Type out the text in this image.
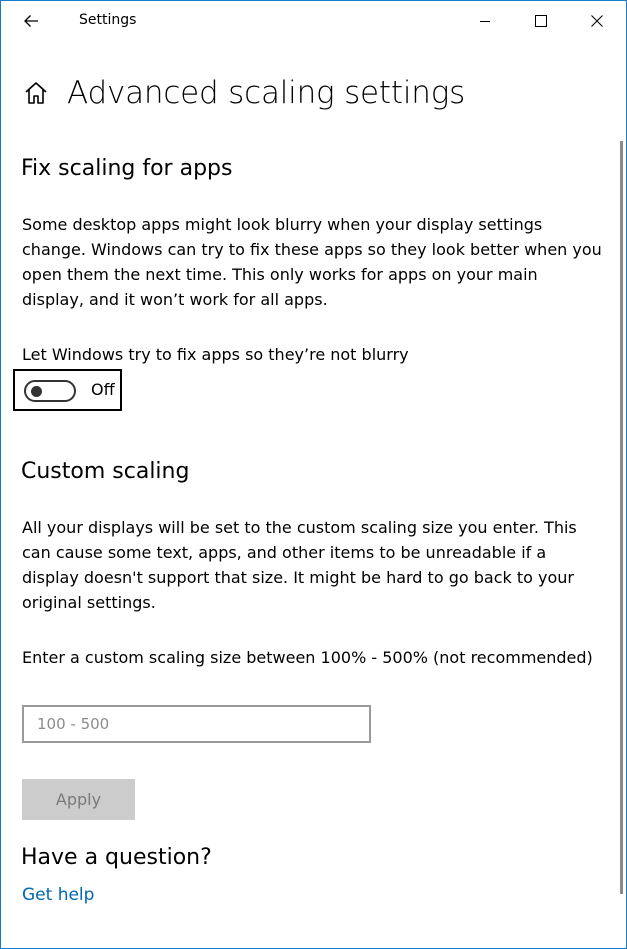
Settings
Advanced scaling settings
Fix scaling for apps
Some desktop apps might look blurry when your display settings change. Windows can try to fix these apps so they look better when you open them the next time. This only works for apps on your main display, and it won’t work for all apps.
Let Windows try to fix apps so they’re not blurry
Off
Custom scaling
All your displays will be set to the custom scaling size you enter. This can cause some text, apps, and other items to be unreadable if a display doesn't support that size. It might be hard to go back to your original settings.
Enter a custom scaling size between 100% - 500% (not recommended)
100 - 500
Apply
Have a question?
Get help
